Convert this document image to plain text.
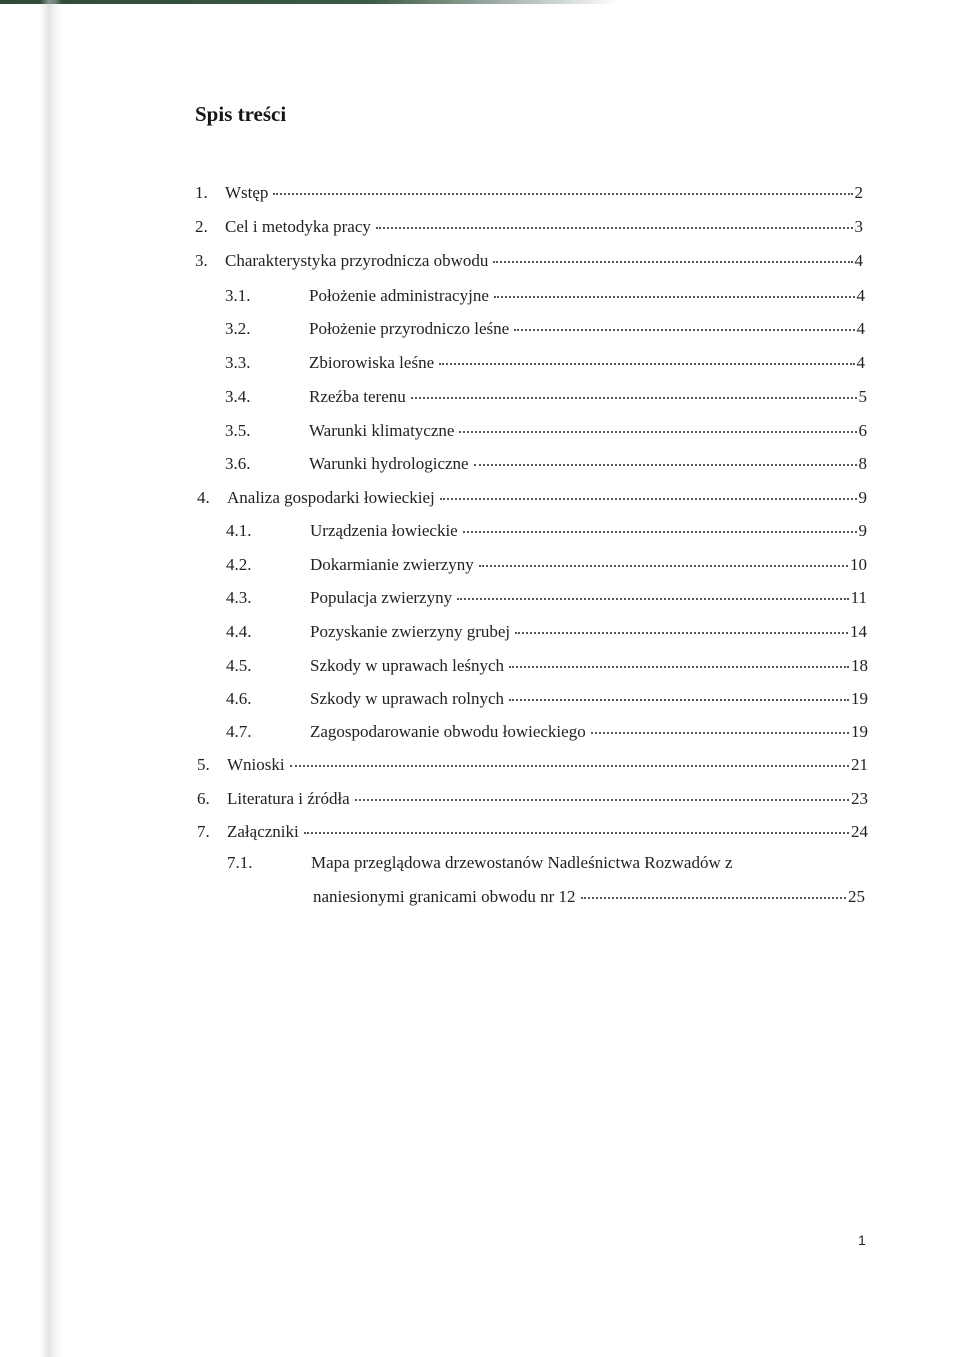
Spis treści
1.	Wstęp	2
2.	Cel i metodyka pracy	3
3.	Charakterystyka przyrodnicza obwodu	4
3.1.	Położenie administracyjne	4
3.2.	Położenie przyrodniczo leśne	4
3.3.	Zbiorowiska leśne	4
3.4.	Rzeźba terenu	5
3.5.	Warunki klimatyczne	6
3.6.	Warunki hydrologiczne	8
4.	Analiza gospodarki łowieckiej	9
4.1.	Urządzenia łowieckie	9
4.2.	Dokarmianie zwierzyny	10
4.3.	Populacja zwierzyny	11
4.4.	Pozyskanie zwierzyny grubej	14
4.5.	Szkody w uprawach leśnych	18
4.6.	Szkody w uprawach rolnych	19
4.7.	Zagospodarowanie obwodu łowieckiego	19
5.	Wnioski	21
6.	Literatura i źródła	23
7.	Załączniki	24
7.1.	Mapa przeglądowa drzewostanów Nadleśnictwa Rozwadów z
naniesionymi granicami obwodu nr 12	25
1
